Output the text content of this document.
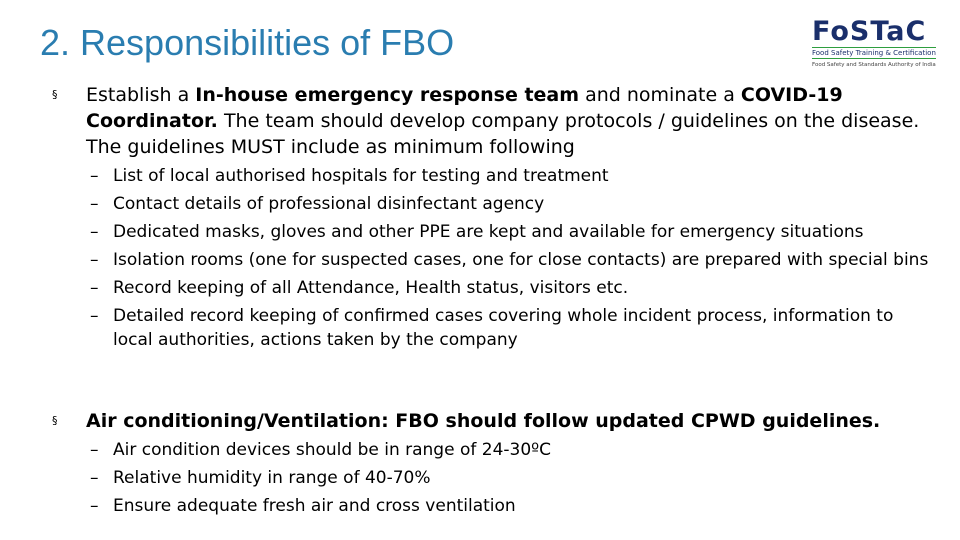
2. Responsibilities of FBO	FoSTaC
Food Safety Training & Certification
Food Safety and Standards Authority of India
§ Establish a In-house emergency response team and nominate a COVID-19 Coordinator. The team should develop company protocols / guidelines on the disease. The guidelines MUST include as minimum following

– List of local authorised hospitals for testing and treatment
– Contact details of professional disinfectant agency
– Dedicated masks, gloves and other PPE are kept and available for emergency situations
– Isolation rooms (one for suspected cases, one for close contacts) are prepared with special bins
– Record keeping of all Attendance, Health status, visitors etc.
– Detailed record keeping of confirmed cases covering whole incident process, information to local authorities, actions taken by the company
§ Air conditioning/Ventilation: FBO should follow updated CPWD guidelines.

– Air condition devices should be in range of 24-30ºC
– Relative humidity in range of 40-70%
– Ensure adequate fresh air and cross ventilation
